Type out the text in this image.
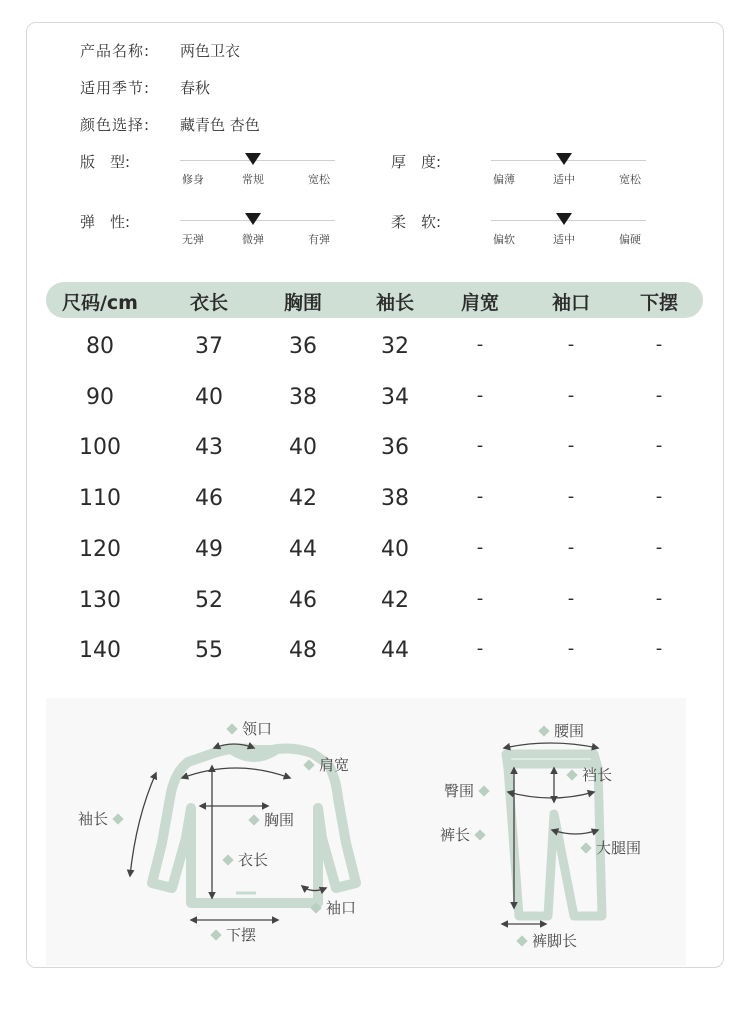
产品名称: 两色卫衣
适用季节: 春秋
颜色选择: 藏青色 杏色
版　型:
修身	常规	宽松
厚　度:
偏薄	适中	宽松
弹　性:
无弹	微弹	有弹
柔　软:
偏软	适中	偏硬
尺码/cm	衣长	胸围	袖长	肩宽	袖口	下摆
80	37	36	32	-	-	-
90	40	38	34	-	-	-
100	43	40	36	-	-	-
110	46	42	38	-	-	-
120	49	44	40	-	-	-
130	52	46	42	-	-	-
140	55	48	44	-	-	-
领口
肩宽
袖长	胸围
衣长
袖口
下摆
腰围
裆长
臀围
裤长
大腿围
裤脚长
